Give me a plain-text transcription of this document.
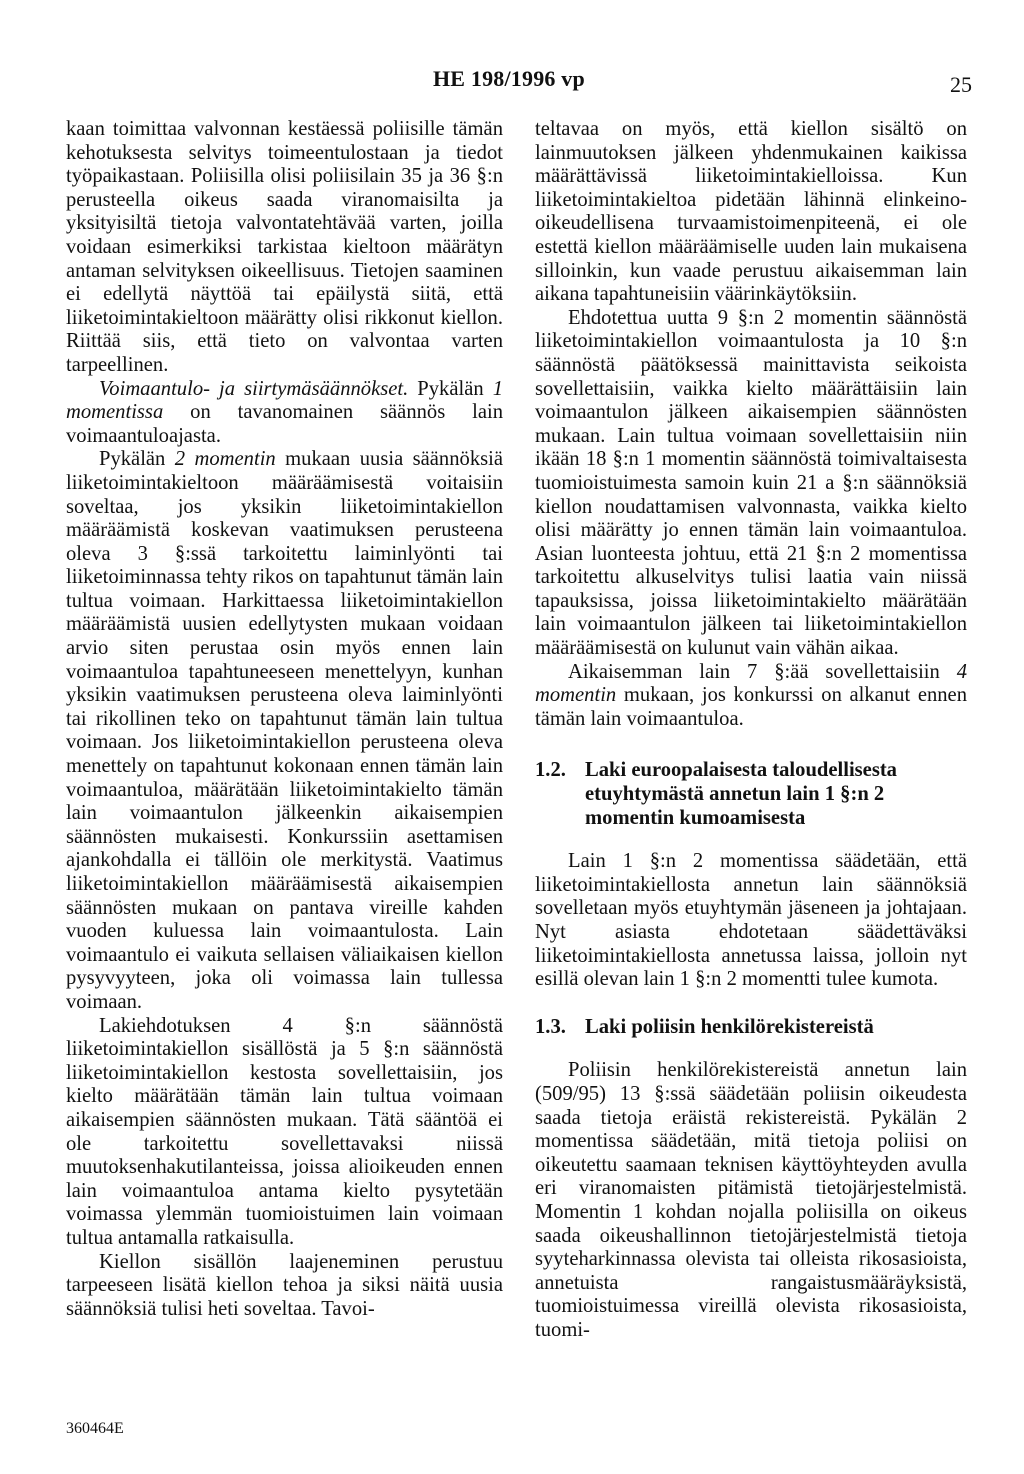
HE 198/1996 vp	25

kaan toimittaa valvonnan kestäessä poliisille tämän kehotuksesta selvitys toimeentulostaan ja tiedot työpaikastaan. Poliisilla olisi poliisilain 35 ja 36 §:n perusteella oikeus saada viranomaisilta ja yksityisiltä tietoja valvontatehtävää varten, joilla voidaan esimerkiksi tarkistaa kieltoon määrätyn antaman selvityksen oikeellisuus. Tietojen saaminen ei edellytä näyttöä tai epäilystä siitä, että liiketoimintakieltoon määrätty olisi rikkonut kiellon. Riittää siis, että tieto on valvontaa varten tarpeellinen.

Voimaantulo- ja siirtymäsäännökset. Pykälän 1 momentissa on tavanomainen säännös lain voimaantuloajasta.

Pykälän 2 momentin mukaan uusia säännöksiä liiketoimintakieltoon määräämisestä voitaisiin soveltaa, jos yksikin liiketoimintakiellon määräämistä koskevan vaatimuksen perusteena oleva 3 §:ssä tarkoitettu laiminlyönti tai liiketoiminnassa tehty rikos on tapahtunut tämän lain tultua voimaan. Harkittaessa liiketoimintakiellon määräämistä uusien edellytysten mukaan voidaan arvio siten perustaa osin myös ennen lain voimaantuloa tapahtuneeseen menettelyyn, kunhan yksikin vaatimuksen perusteena oleva laiminlyönti tai rikollinen teko on tapahtunut tämän lain tultua voimaan. Jos liiketoimintakiellon perusteena oleva menettely on tapahtunut kokonaan ennen tämän lain voimaantuloa, määrätään liiketoimintakielto tämän lain voimaantulon jälkeenkin aikaisempien säännösten mukaisesti. Konkurssiin asettamisen ajankohdalla ei tällöin ole merkitystä. Vaatimus liiketoimintakiellon määräämisestä aikaisempien säännösten mukaan on pantava vireille kahden vuoden kuluessa lain voimaantulosta. Lain voimaantulo ei vaikuta sellaisen väliaikaisen kiellon pysyvyyteen, joka oli voimassa lain tullessa voimaan.

Lakiehdotuksen 4 §:n säännöstä liiketoimintakiellon sisällöstä ja 5 §:n säännöstä liiketoimintakiellon kestosta sovellettaisiin, jos kielto määrätään tämän lain tultua voimaan aikaisempien säännösten mukaan. Tätä sääntöä ei ole tarkoitettu sovellettavaksi niissä muutoksenhakutilanteissa, joissa alioikeuden ennen lain voimaantuloa antama kielto pysytetään voimassa ylemmän tuomioistuimen lain voimaan tultua antamalla ratkaisulla.

Kiellon sisällön laajeneminen perustuu tarpeeseen lisätä kiellon tehoa ja siksi näitä uusia säännöksiä tulisi heti soveltaa. Tavoi-

teltavaa on myös, että kiellon sisältö on lainmuutoksen jälkeen yhdenmukainen kaikissa määrättävissä liiketoimintakielloissa. Kun liiketoimintakieltoa pidetään lähinnä elinkeino-oikeudellisena turvaamistoimenpiteenä, ei ole estettä kiellon määräämiselle uuden lain mukaisena silloinkin, kun vaade perustuu aikaisemman lain aikana tapahtuneisiin väärinkäytöksiin.

Ehdotettua uutta 9 §:n 2 momentin säännöstä liiketoimintakiellon voimaantulosta ja 10 §:n säännöstä päätöksessä mainittavista seikoista sovellettaisiin, vaikka kielto määrättäisiin lain voimaantulon jälkeen aikaisempien säännösten mukaan. Lain tultua voimaan sovellettaisiin niin ikään 18 §:n 1 momentin säännöstä toimivaltaisesta tuomioistuimesta samoin kuin 21 a §:n säännöksiä kiellon noudattamisen valvonnasta, vaikka kielto olisi määrätty jo ennen tämän lain voimaantuloa. Asian luonteesta johtuu, että 21 §:n 2 momentissa tarkoitettu alkuselvitys tulisi laatia vain niissä tapauksissa, joissa liiketoimintakielto määrätään lain voimaantulon jälkeen tai liiketoimintakiellon määräämisestä on kulunut vain vähän aikaa.

Aikaisemman lain 7 §:ää sovellettaisiin 4 momentin mukaan, jos konkurssi on alkanut ennen tämän lain voimaantuloa.

1.2. Laki euroopalaisesta taloudellisesta etuyhtymästä annetun lain 1 §:n 2 momentin kumoamisesta

Lain 1 §:n 2 momentissa säädetään, että liiketoimintakiellosta annetun lain säännöksiä sovelletaan myös etuyhtymän jäseneen ja johtajaan. Nyt asiasta ehdotetaan säädettäväksi liiketoimintakiellosta annetussa laissa, jolloin nyt esillä olevan lain 1 §:n 2 momentti tulee kumota.

1.3. Laki poliisin henkilörekistereistä

Poliisin henkilörekistereistä annetun lain (509/95) 13 §:ssä säädetään poliisin oikeudesta saada tietoja eräistä rekistereistä. Pykälän 2 momentissa säädetään, mitä tietoja poliisi on oikeutettu saamaan teknisen käyttöyhteyden avulla eri viranomaisten pitämistä tietojärjestelmistä. Momentin 1 kohdan nojalla poliisilla on oikeus saada oikeushallinnon tietojärjestelmistä tietoja syyteharkinnassa olevista tai olleista rikosasioista, annetuista rangaistusmääräyksistä, tuomioistuimessa vireillä olevista rikosasioista, tuomi-

360464E
